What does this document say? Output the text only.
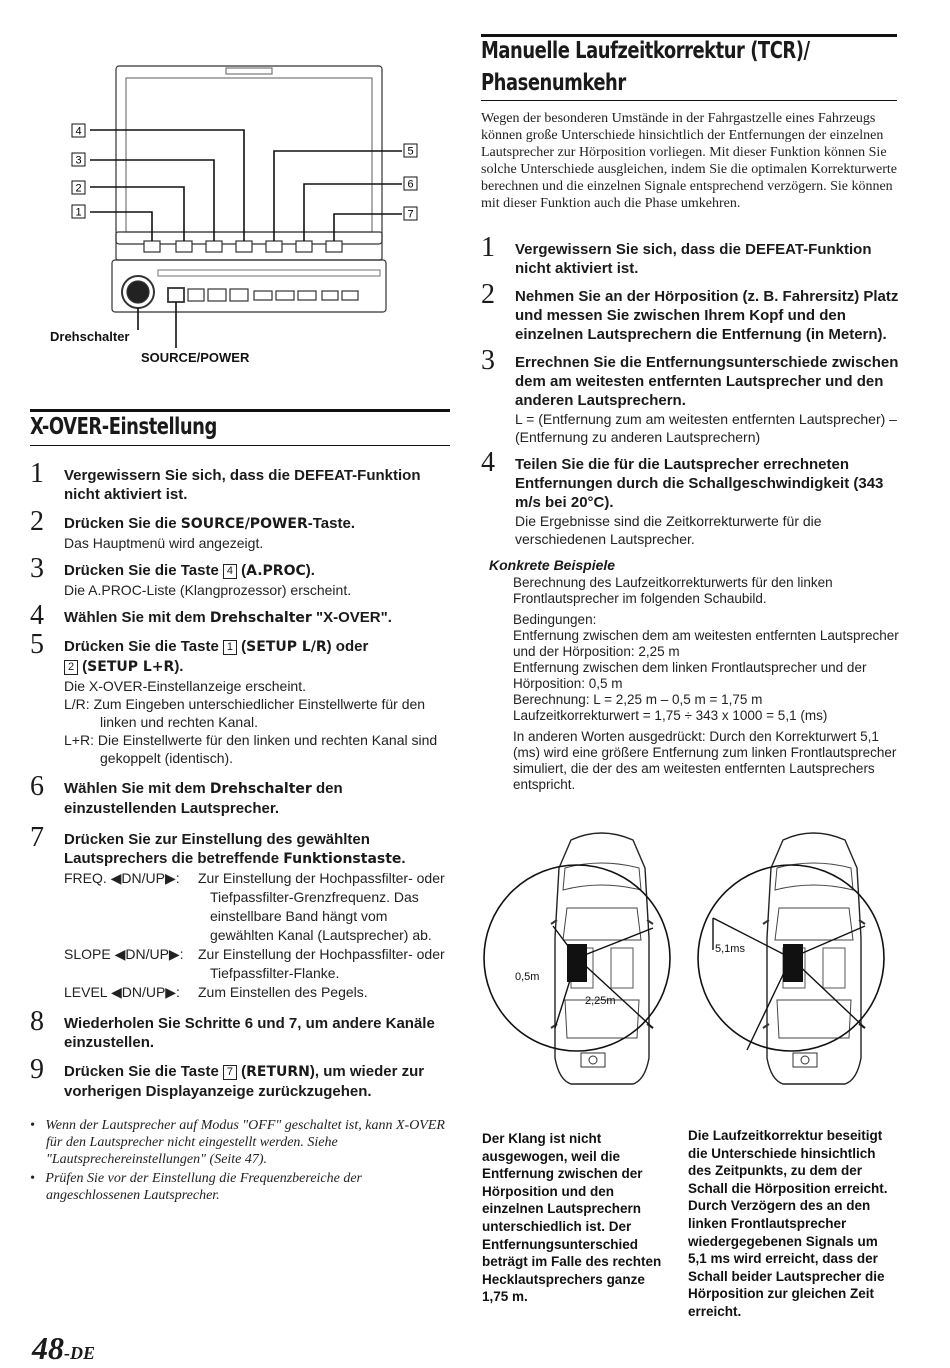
4
3
2
1
5
6
7
Drehschalter
SOURCE/POWER
X-OVER-Einstellung
1 Vergewissern Sie sich, dass die DEFEAT-Funktion nicht aktiviert ist.
2 Drücken Sie die SOURCE/POWER-Taste.
Das Hauptmenü wird angezeigt.
3 Drücken Sie die Taste 4 (A.PROC).
Die A.PROC-Liste (Klangprozessor) erscheint.
4 Wählen Sie mit dem Drehschalter "X-OVER".
5 Drücken Sie die Taste 1 (SETUP L/R) oder
2 (SETUP L+R).
Die X-OVER-Einstellanzeige erscheint.
L/R: Zum Eingeben unterschiedlicher Einstellwerte für den linken und rechten Kanal.
L+R: Die Einstellwerte für den linken und rechten Kanal sind gekoppelt (identisch).
6 Wählen Sie mit dem Drehschalter den einzustellenden Lautsprecher.
7 Drücken Sie zur Einstellung des gewählten Lautsprechers die betreffende Funktionstaste.
FREQ. ◀DN/UP▶:	Zur Einstellung der Hochpassfilter- oder Tiefpassfilter-Grenzfrequenz. Das einstellbare Band hängt vom gewählten Kanal (Lautsprecher) ab.
SLOPE ◀DN/UP▶:	Zur Einstellung der Hochpassfilter- oder Tiefpassfilter-Flanke.
LEVEL ◀DN/UP▶:	Zum Einstellen des Pegels.
8 Wiederholen Sie Schritte 6 und 7, um andere Kanäle einzustellen.
9 Drücken Sie die Taste 7 (RETURN), um wieder zur vorherigen Displayanzeige zurückzugehen.
•   Wenn der Lautsprecher auf Modus "OFF" geschaltet ist, kann X-OVER für den Lautsprecher nicht eingestellt werden. Siehe "Lautsprechereinstellungen" (Seite 47).
•   Prüfen Sie vor der Einstellung die Frequenzbereiche der angeschlossenen Lautsprecher.
Manuelle Laufzeitkorrektur (TCR)/
Phasenumkehr
Wegen der besonderen Umstände in der Fahrgastzelle eines Fahrzeugs können große Unterschiede hinsichtlich der Entfernungen der einzelnen Lautsprecher zur Hörposition vorliegen. Mit dieser Funktion können Sie solche Unterschiede ausgleichen, indem Sie die optimalen Korrekturwerte berechnen und die einzelnen Signale entsprechend verzögern. Sie können mit dieser Funktion auch die Phase umkehren.
1 Vergewissern Sie sich, dass die DEFEAT-Funktion nicht aktiviert ist.
2 Nehmen Sie an der Hörposition (z. B. Fahrersitz) Platz und messen Sie zwischen Ihrem Kopf und den einzelnen Lautsprechern die Entfernung (in Metern).
3 Errechnen Sie die Entfernungsunterschiede zwischen dem am weitesten entfernten Lautsprecher und den anderen Lautsprechern.
L = (Entfernung zum am weitesten entfernten Lautsprecher) – (Entfernung zu anderen Lautsprechern)
4 Teilen Sie die für die Lautsprecher errechneten Entfernungen durch die Schallgeschwindigkeit (343 m/s bei 20°C).
Die Ergebnisse sind die Zeitkorrekturwerte für die verschiedenen Lautsprecher.
Konkrete Beispiele
Berechnung des Laufzeitkorrekturwerts für den linken Frontlautsprecher im folgenden Schaubild.
Bedingungen:
Entfernung zwischen dem am weitesten entfernten Lautsprecher und der Hörposition: 2,25 m
Entfernung zwischen dem linken Frontlautsprecher und der Hörposition: 0,5 m
Berechnung: L = 2,25 m – 0,5 m = 1,75 m
Laufzeitkorrekturwert = 1,75 ÷ 343 x 1000 = 5,1 (ms)
In anderen Worten ausgedrückt: Durch den Korrekturwert 5,1 (ms) wird eine größere Entfernung zum linken Frontlautsprecher simuliert, die der des am weitesten entfernten Lautsprechers entspricht.
0,5m
2,25m
5,1ms
Der Klang ist nicht ausgewogen, weil die Entfernung zwischen der Hörposition und den einzelnen Lautsprechern unterschiedlich ist. Der Entfernungsunterschied beträgt im Falle des rechten Hecklautsprechers ganze 1,75 m.
Die Laufzeitkorrektur beseitigt die Unterschiede hinsichtlich des Zeitpunkts, zu dem der Schall die Hörposition erreicht. Durch Verzögern des an den linken Frontlautsprecher wiedergegebenen Signals um 5,1 ms wird erreicht, dass der Schall beider Lautsprecher die Hörposition zur gleichen Zeit erreicht.
48-DE
